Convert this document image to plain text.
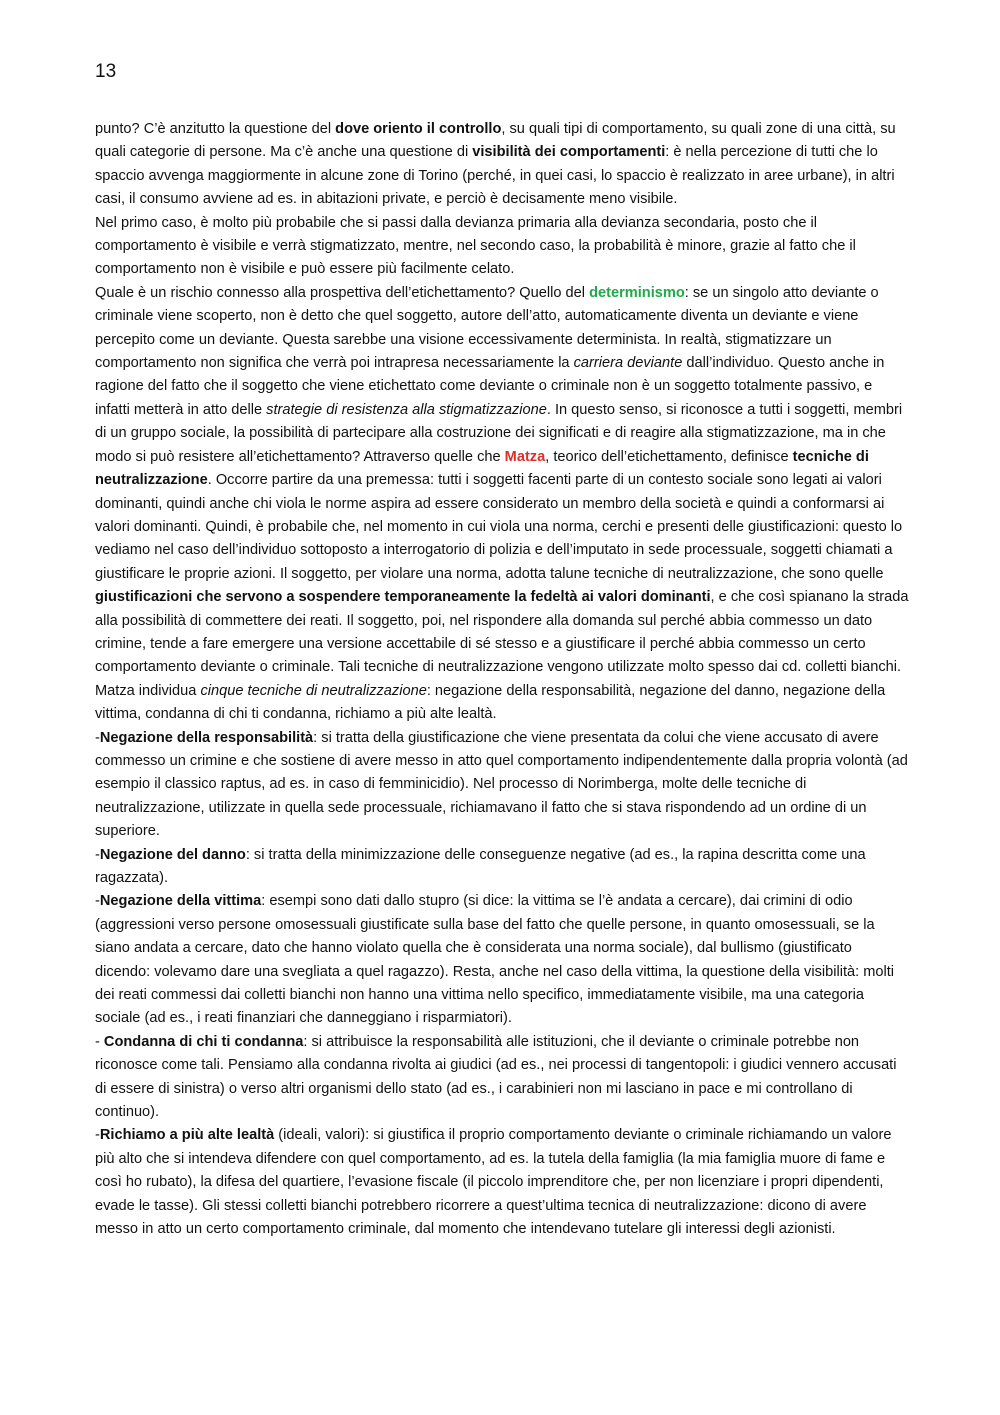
13

punto? C’è anzitutto la questione del dove oriento il controllo, su quali tipi di comportamento, su quali zone di una città, su quali categorie di persone. Ma c’è anche una questione di visibilità dei comportamenti: è nella percezione di tutti che lo spaccio avvenga maggiormente in alcune zone di Torino (perché, in quei casi, lo spaccio è realizzato in aree urbane), in altri casi, il consumo avviene ad es. in abitazioni private, e perciò è decisamente meno visibile.

Nel primo caso, è molto più probabile che si passi dalla devianza primaria alla devianza secondaria, posto che il comportamento è visibile e verrà stigmatizzato, mentre, nel secondo caso, la probabilità è minore, grazie al fatto che il comportamento non è visibile e può essere più facilmente celato.

Quale è un rischio connesso alla prospettiva dell’etichettamento? Quello del determinismo: se un singolo atto deviante o criminale viene scoperto, non è detto che quel soggetto, autore dell’atto, automaticamente diventa un deviante e viene percepito come un deviante. Questa sarebbe una visione eccessivamente determinista. In realtà, stigmatizzare un comportamento non significa che verrà poi intrapresa necessariamente la carriera deviante dall’individuo. Questo anche in ragione del fatto che il soggetto che viene etichettato come deviante o criminale non è un soggetto totalmente passivo, e infatti metterà in atto delle strategie di resistenza alla stigmatizzazione. In questo senso, si riconosce a tutti i soggetti, membri di un gruppo sociale, la possibilità di partecipare alla costruzione dei significati e di reagire alla stigmatizzazione, ma in che modo si può resistere all’etichettamento? Attraverso quelle che Matza, teorico dell’etichettamento, definisce tecniche di neutralizzazione. Occorre partire da una premessa: tutti i soggetti facenti parte di un contesto sociale sono legati ai valori dominanti, quindi anche chi viola le norme aspira ad essere considerato un membro della società e quindi a conformarsi ai valori dominanti. Quindi, è probabile che, nel momento in cui viola una norma, cerchi e presenti delle giustificazioni: questo lo vediamo nel caso dell’individuo sottoposto a interrogatorio di polizia e dell’imputato in sede processuale, soggetti chiamati a giustificare le proprie azioni. Il soggetto, per violare una norma, adotta talune tecniche di neutralizzazione, che sono quelle giustificazioni che servono a sospendere temporaneamente la fedeltà ai valori dominanti, e che così spianano la strada alla possibilità di commettere dei reati. Il soggetto, poi, nel rispondere alla domanda sul perché abbia commesso un dato crimine, tende a fare emergere una versione accettabile di sé stesso e a giustificare il perché abbia commesso un certo comportamento deviante o criminale. Tali tecniche di neutralizzazione vengono utilizzate molto spesso dai cd. colletti bianchi.

Matza individua cinque tecniche di neutralizzazione: negazione della responsabilità, negazione del danno, negazione della vittima, condanna di chi ti condanna, richiamo a più alte lealtà.

-Negazione della responsabilità: si tratta della giustificazione che viene presentata da colui che viene accusato di avere commesso un crimine e che sostiene di avere messo in atto quel comportamento indipendentemente dalla propria volontà (ad esempio il classico raptus, ad es. in caso di femminicidio). Nel processo di Norimberga, molte delle tecniche di neutralizzazione, utilizzate in quella sede processuale, richiamavano il fatto che si stava rispondendo ad un ordine di un superiore.

-Negazione del danno: si tratta della minimizzazione delle conseguenze negative (ad es., la rapina descritta come una ragazzata).

-Negazione della vittima: esempi sono dati dallo stupro (si dice: la vittima se l’è andata a cercare), dai crimini di odio (aggressioni verso persone omosessuali giustificate sulla base del fatto che quelle persone, in quanto omosessuali, se la siano andata a cercare, dato che hanno violato quella che è considerata una norma sociale), dal bullismo (giustificato dicendo: volevamo dare una svegliata a quel ragazzo). Resta, anche nel caso della vittima, la questione della visibilità: molti dei reati commessi dai colletti bianchi non hanno una vittima nello specifico, immediatamente visibile, ma una categoria sociale (ad es., i reati finanziari che danneggiano i risparmiatori).

- Condanna di chi ti condanna: si attribuisce la responsabilità alle istituzioni, che il deviante o criminale potrebbe non riconosce come tali. Pensiamo alla condanna rivolta ai giudici (ad es., nei processi di tangentopoli: i giudici vennero accusati di essere di sinistra) o verso altri organismi dello stato (ad es., i carabinieri non mi lasciano in pace e mi controllano di continuo).

-Richiamo a più alte lealtà (ideali, valori): si giustifica il proprio comportamento deviante o criminale richiamando un valore più alto che si intendeva difendere con quel comportamento, ad es. la tutela della famiglia (la mia famiglia muore di fame e così ho rubato), la difesa del quartiere, l’evasione fiscale (il piccolo imprenditore che, per non licenziare i propri dipendenti, evade le tasse). Gli stessi colletti bianchi potrebbero ricorrere a quest’ultima tecnica di neutralizzazione: dicono di avere messo in atto un certo comportamento criminale, dal momento che intendevano tutelare gli interessi degli azionisti.
